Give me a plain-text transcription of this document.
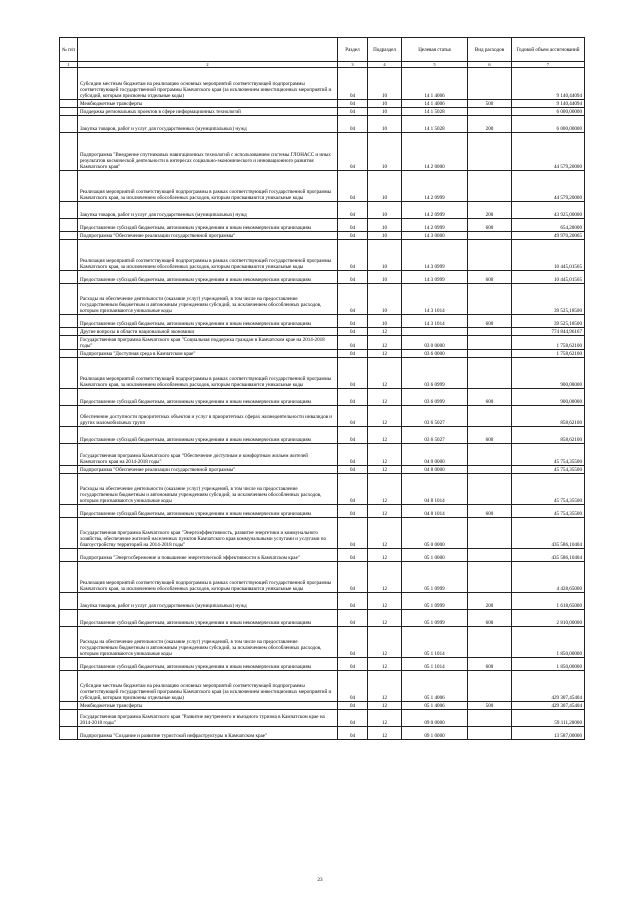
№ п/п		Раздел	Подраздел	Целевая статья	Вид расходов	Годовой объем ассигнований
1	2	3	4	5	6	7
	Субсидии местным бюджетам на реализацию основных мероприятий соответствующей подпрограммы соответствующей государственной программы Камчатского края (за исключением инвестиционных мероприятий и субсидий, которым присвоены отдельные коды)	04	10	14 1 4006		9 140,44094
	Межбюджетные трансферты	04	10	14 1 4006	500	9 140,44094
	Поддержка региональных проектов в сфере информационных технологий	04	10	14 1 5028		6 000,00000
	Закупка товаров, работ и услуг для государственных (муниципальных) нужд	04	10	14 1 5028	200	6 000,00000
	Подпрограмма "Внедрение спутниковых навигационных технологий с использованием системы ГЛОНАСС и иных результатов космической деятельности в интересах социально-экономического и инновационного развития Камчатского края"	04	10	14 2 0000		44 579,20000
	Реализация мероприятий соответствующей подпрограммы в рамках соответствующей государственной программы Камчатского края, за исключением обособленных расходов, которым присваиваются уникальные коды	04	10	14 2 0999		44 579,20000
	Закупка товаров, работ и услуг для государственных (муниципальных) нужд	04	10	14 2 0999	200	43 925,00000
	Предоставление субсидий бюджетным, автономным учреждениям и иным некоммерческим организациям	04	10	14 2 0999	600	654,20000
	Подпрограмма "Обеспечение реализации государственной программы"	04	10	14 3 0000		49 970,20065
	Реализация мероприятий соответствующей подпрограммы в рамках соответствующей государственной программы Камчатского края, за исключением обособленных расходов, которым присваиваются уникальные коды	04	10	14 3 0999		10 445,01565
	Предоставление субсидий бюджетным, автономным учреждениям и иным некоммерческим организациям	04	10	14 3 0999	600	10 445,01565
	Расходы на обеспечение деятельности (оказание услуг) учреждений, в том числе на предоставление государственным бюджетным и автономным учреждениям субсидий, за исключением обособленных расходов, которым присваиваются уникальные коды	04	10	14 3 1014		39 525,18500
	Предоставление субсидий бюджетным, автономным учреждениям и иным некоммерческим организациям	04	10	14 3 1014	600	39 525,18500
	Другие вопросы в области национальной экономики	04	12			774 844,96167
	Государственная программа Камчатского края "Социальная поддержка граждан в Камчатском крае на 2014-2018 годы"	04	12	03 0 0000		1 758,62100
	Подпрограмма "Доступная среда в Камчатском крае"	04	12	03 6 0000		1 758,62100
	Реализация мероприятий соответствующей подпрограммы в рамках соответствующей государственной программы Камчатского края, за исключением обособленных расходов, которым присваиваются уникальные коды	04	12	03 6 0999		900,00000
	Предоставление субсидий бюджетным, автономным учреждениям и иным некоммерческим организациям	04	12	03 6 0999	600	900,00000
	Обеспечение доступности приоритетных объектов и услуг в приоритетных сферах жизнедеятельности инвалидов и других маломобильных групп	04	12	03 6 5027		858,62100
	Предоставление субсидий бюджетным, автономным учреждениям и иным некоммерческим организациям	04	12	03 6 5027	600	858,62100
	Государственная программа Камчатского края "Обеспечение доступным и комфортным жильем жителей Камчатского края на 2014-2018 годы"	04	12	04 0 0000		45 754,35500
	Подпрограмма "Обеспечение реализации государственной программы"	04	12	04 8 0000		45 754,35500
	Расходы на обеспечение деятельности (оказание услуг) учреждений, в том числе на предоставление государственным бюджетным и автономным учреждениям субсидий, за исключением обособленных расходов, которым присваиваются уникальные коды	04	12	04 8 1014		45 754,35500
	Предоставление субсидий бюджетным, автономным учреждениям и иным некоммерческим организациям	04	12	04 8 1014	600	45 754,35500
	Государственная программа Камчатского края "Энергоэффективность, развитие энергетики и коммунального хозяйства, обеспечение жителей населенных пунктов Камчатского края коммунальными услугами и услугами по благоустройству территорий на 2014-2018 годы"	04	12	05 0 0000		435 586,10404
	Подпрограмма "Энергосбережение и повышение энергетической эффективности в Камчатском крае"	04	12	05 1 0000		435 586,10404
	Реализация мероприятий соответствующей подпрограммы в рамках соответствующей государственной программы Камчатского края, за исключением обособленных расходов, которым присваиваются уникальные коды	04	12	05 1 0999		4 428,65000
	Закупка товаров, работ и услуг для государственных (муниципальных) нужд	04	12	05 1 0999	200	1 618,65000
	Предоставление субсидий бюджетным, автономным учреждениям и иным некоммерческим организациям	04	12	05 1 0999	600	2 810,00000
	Расходы на обеспечение деятельности (оказание услуг) учреждений, в том числе на предоставление государственным бюджетным и автономным учреждениям субсидий, за исключением обособленных расходов, которым присваиваются уникальные коды	04	12	05 1 1014		1 850,00000
	Предоставление субсидий бюджетным, автономным учреждениям и иным некоммерческим организациям	04	12	05 1 1014	600	1 850,00000
	Субсидии местным бюджетам на реализацию основных мероприятий соответствующей подпрограммы соответствующей государственной программы Камчатского края (за исключением инвестиционных мероприятий и субсидий, которым присвоены отдельные коды)	04	12	05 1 4006		429 307,45404
	Межбюджетные трансферты	04	12	05 1 4006	500	429 307,45404
	Государственная программа Камчатского края "Развитие внутреннего и въездного туризма в Камчатском крае на 2014-2018 годы"	04	12	09 0 0000		59 111,20000
	Подпрограмма "Создание и развитие туристской инфраструктуры в Камчатском крае"	04	12	09 1 0000		13 587,00000
23
